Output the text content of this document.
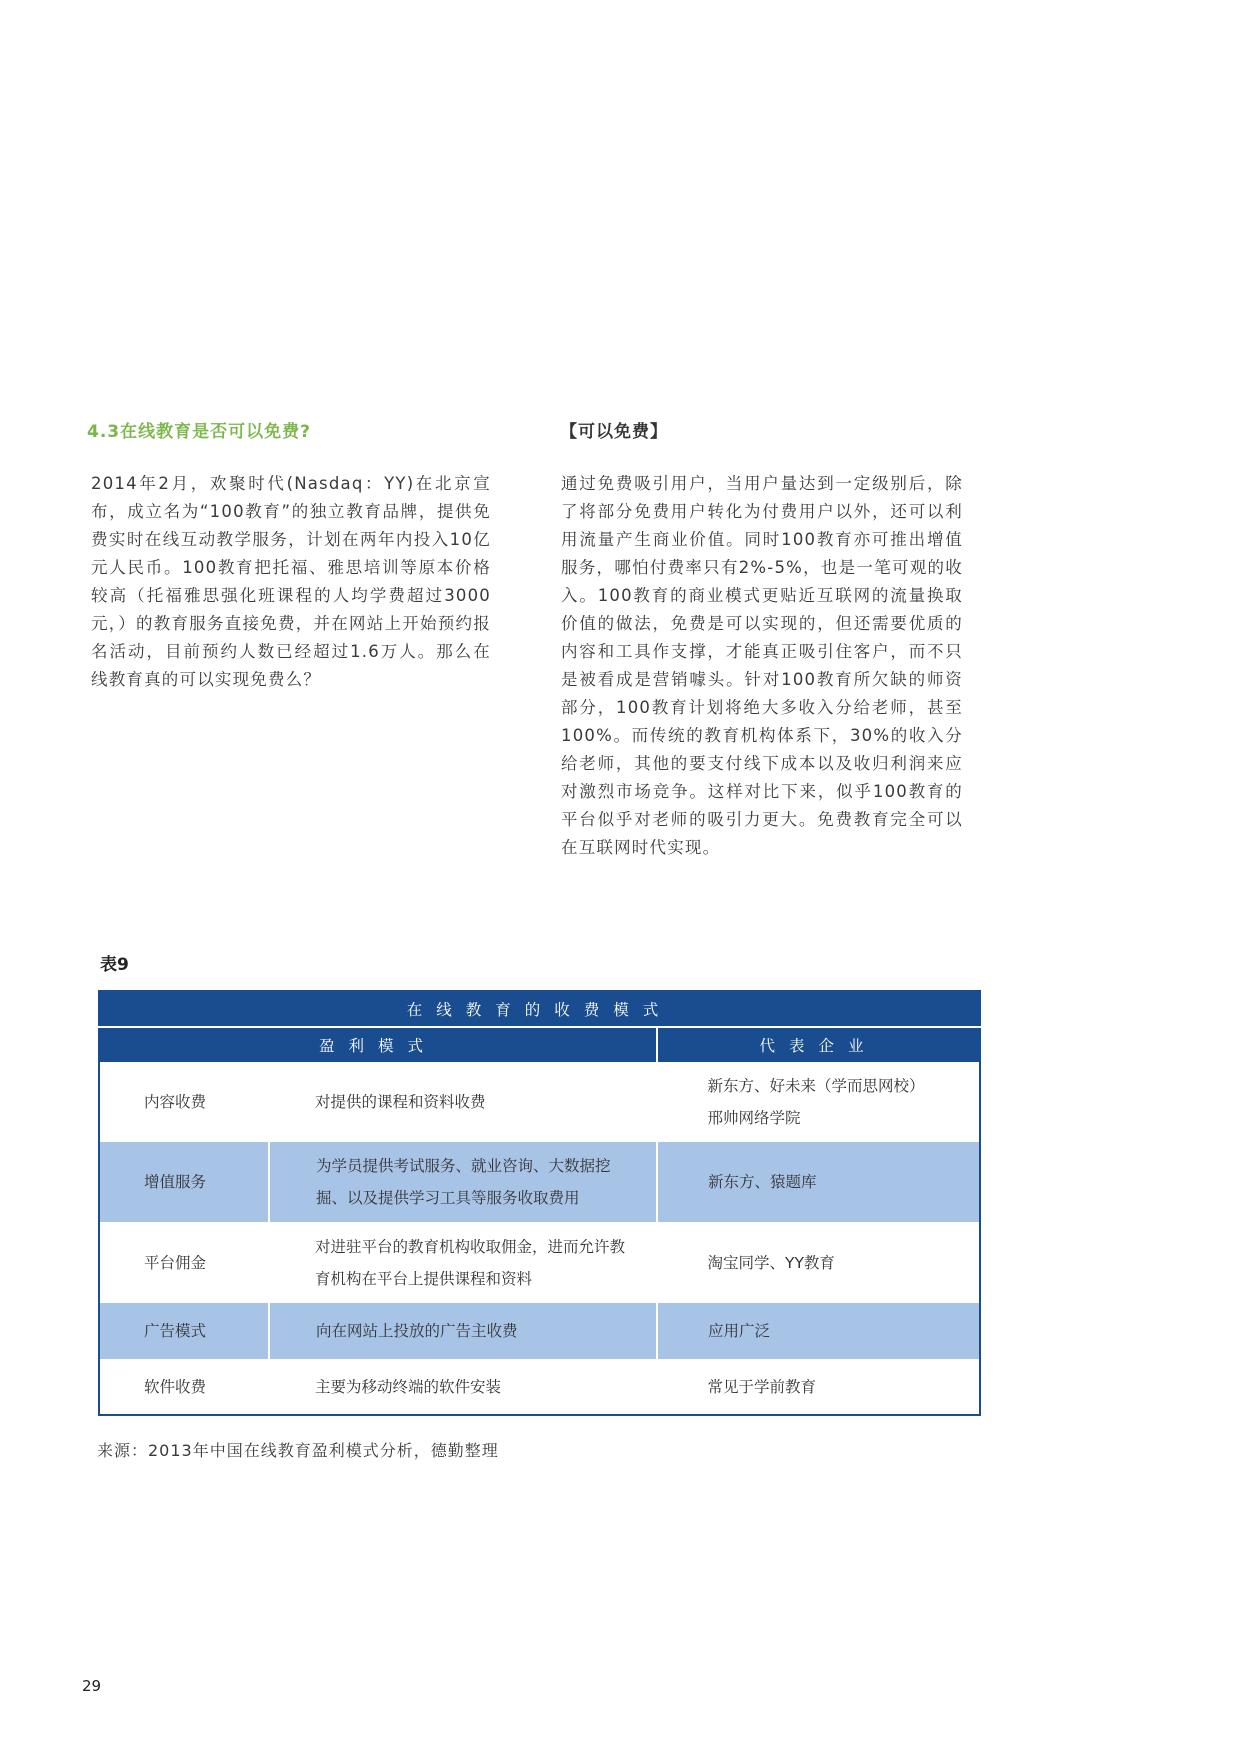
4.3在线教育是否可以免费?

2014年2月，欢聚时代(Nasdaq：YY)在北京宣布，成立名为“100教育”的独立教育品牌，提供免费实时在线互动教学服务，计划在两年内投入10亿元人民币。100教育把托福、雅思培训等原本价格较高（托福雅思强化班课程的人均学费超过3000元，）的教育服务直接免费，并在网站上开始预约报名活动，目前预约人数已经超过1.6万人。那么在线教育真的可以实现免费么？

【可以免费】

通过免费吸引用户，当用户量达到一定级别后，除了将部分免费用户转化为付费用户以外，还可以利用流量产生商业价值。同时100教育亦可推出增值服务，哪怕付费率只有2%-5%，也是一笔可观的收入。100教育的商业模式更贴近互联网的流量换取价值的做法，免费是可以实现的，但还需要优质的内容和工具作支撑，才能真正吸引住客户，而不只是被看成是营销噱头。针对100教育所欠缺的师资部分，100教育计划将绝大多收入分给老师，甚至100%。而传统的教育机构体系下，30%的收入分给老师，其他的要支付线下成本以及收归利润来应对激烈市场竞争。这样对比下来，似乎100教育的平台似乎对老师的吸引力更大。免费教育完全可以在互联网时代实现。

表9

在线教育的收费模式		
盈利模式		代表企业
内容收费	对提供的课程和资料收费	新东方、好未来（学而思网校）邢帅网络学院
增值服务	为学员提供考试服务、就业咨询、大数据挖掘、以及提供学习工具等服务收取费用	新东方、猿题库
平台佣金	对进驻平台的教育机构收取佣金，进而允许教育机构在平台上提供课程和资料	淘宝同学、YY教育
广告模式	向在网站上投放的广告主收费	应用广泛
软件收费	主要为移动终端的软件安装	常见于学前教育

来源：2013年中国在线教育盈利模式分析，德勤整理

29
